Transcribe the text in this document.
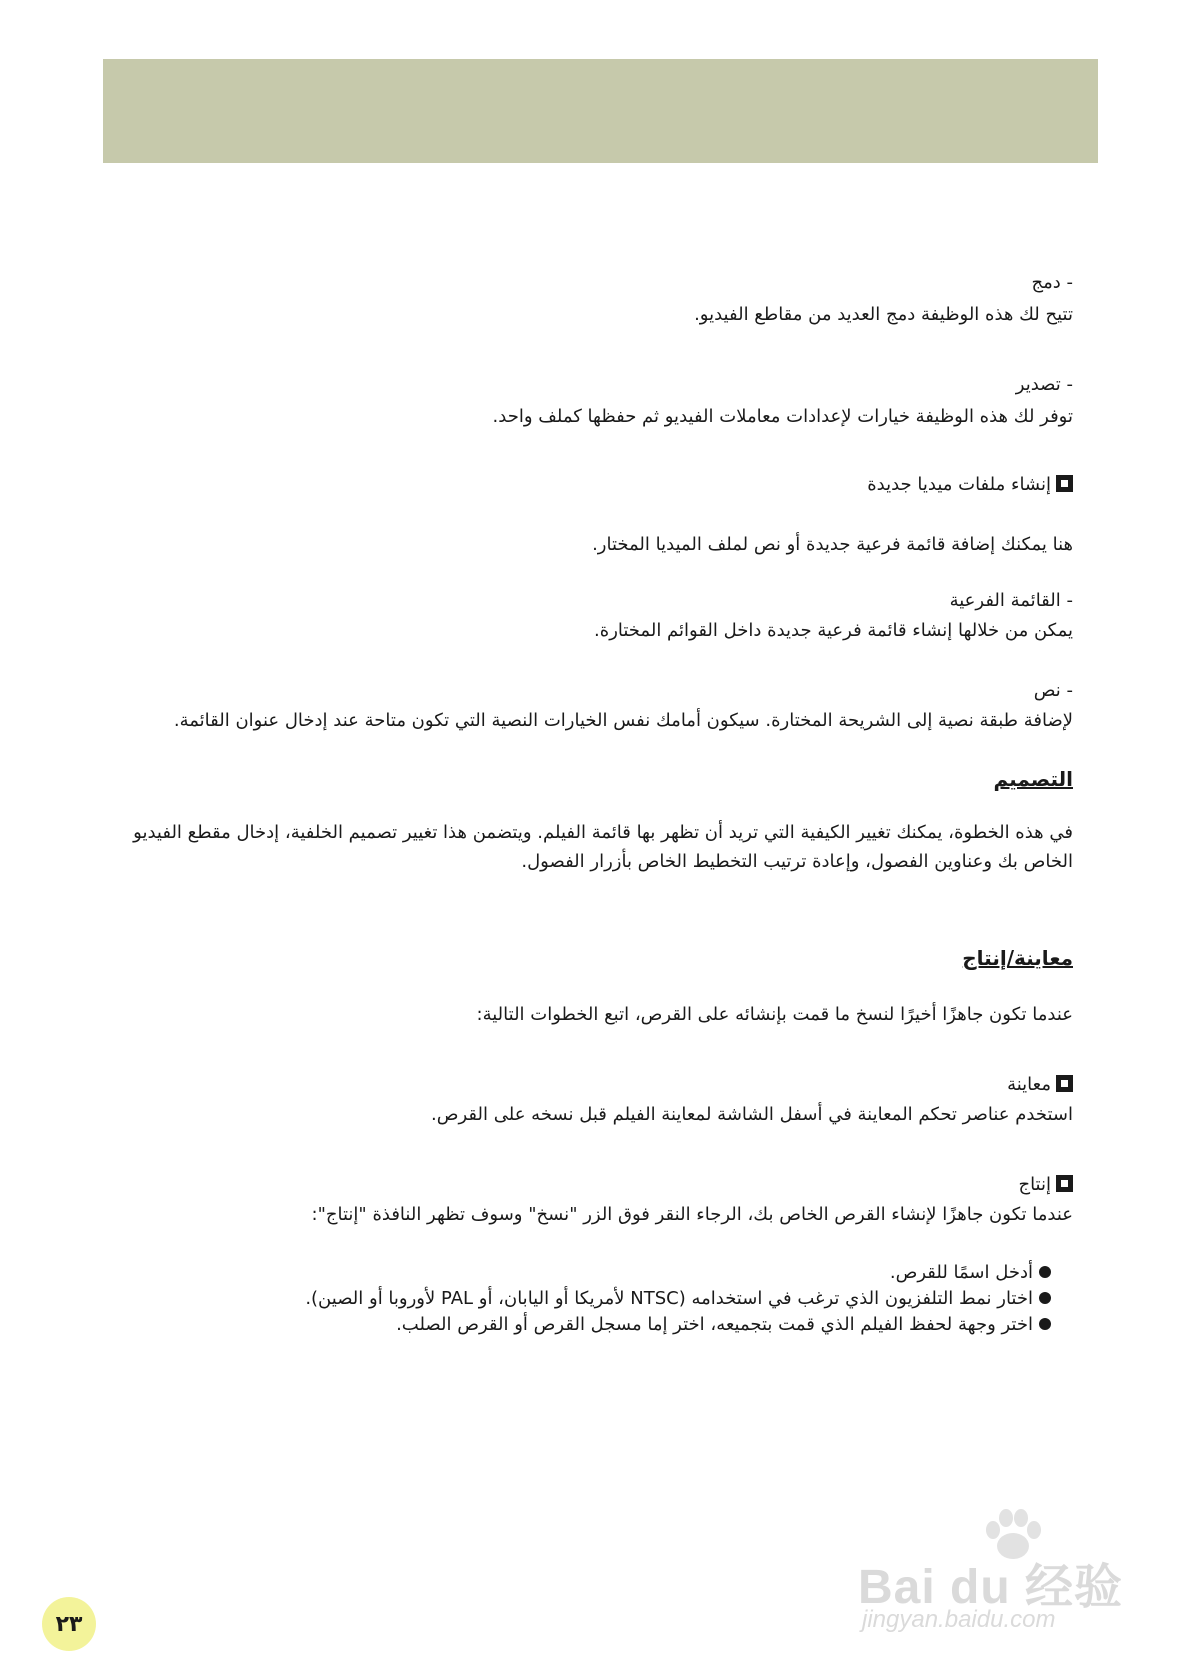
- دمج
تتيح لك هذه الوظيفة دمج العديد من مقاطع الفيديو.
- تصدير
توفر لك هذه الوظيفة خيارات لإعدادات معاملات الفيديو ثم حفظها كملف واحد.
إنشاء ملفات ميديا جديدة
هنا يمكنك إضافة قائمة فرعية جديدة أو نص لملف الميديا المختار.
- القائمة الفرعية
يمكن من خلالها إنشاء قائمة فرعية جديدة داخل القوائم المختارة.
- نص
لإضافة طبقة نصية إلى الشريحة المختارة. سيكون أمامك نفس الخيارات النصية التي تكون متاحة عند إدخال عنوان القائمة.
التصميم
في هذه الخطوة، يمكنك تغيير الكيفية التي تريد أن تظهر بها قائمة الفيلم. ويتضمن هذا تغيير تصميم الخلفية، إدخال مقطع الفيديو الخاص بك وعناوين الفصول، وإعادة ترتيب التخطيط الخاص بأزرار الفصول.
معاينة/إنتاج
عندما تكون جاهزًا أخيرًا لنسخ ما قمت بإنشائه على القرص، اتبع الخطوات التالية:
معاينة
استخدم عناصر تحكم المعاينة في أسفل الشاشة لمعاينة الفيلم قبل نسخه على القرص.
إنتاج
عندما تكون جاهزًا لإنشاء القرص الخاص بك، الرجاء النقر فوق الزر "نسخ" وسوف تظهر النافذة "إنتاج":
أدخل اسمًا للقرص.
اختار نمط التلفزيون الذي ترغب في استخدامه (NTSC لأمريكا أو اليابان، أو PAL لأوروبا أو الصين).
اختر وجهة لحفظ الفيلم الذي قمت بتجميعه، اختر إما مسجل القرص أو القرص الصلب.
٢٣
Bai du 经验
jingyan.baidu.com
